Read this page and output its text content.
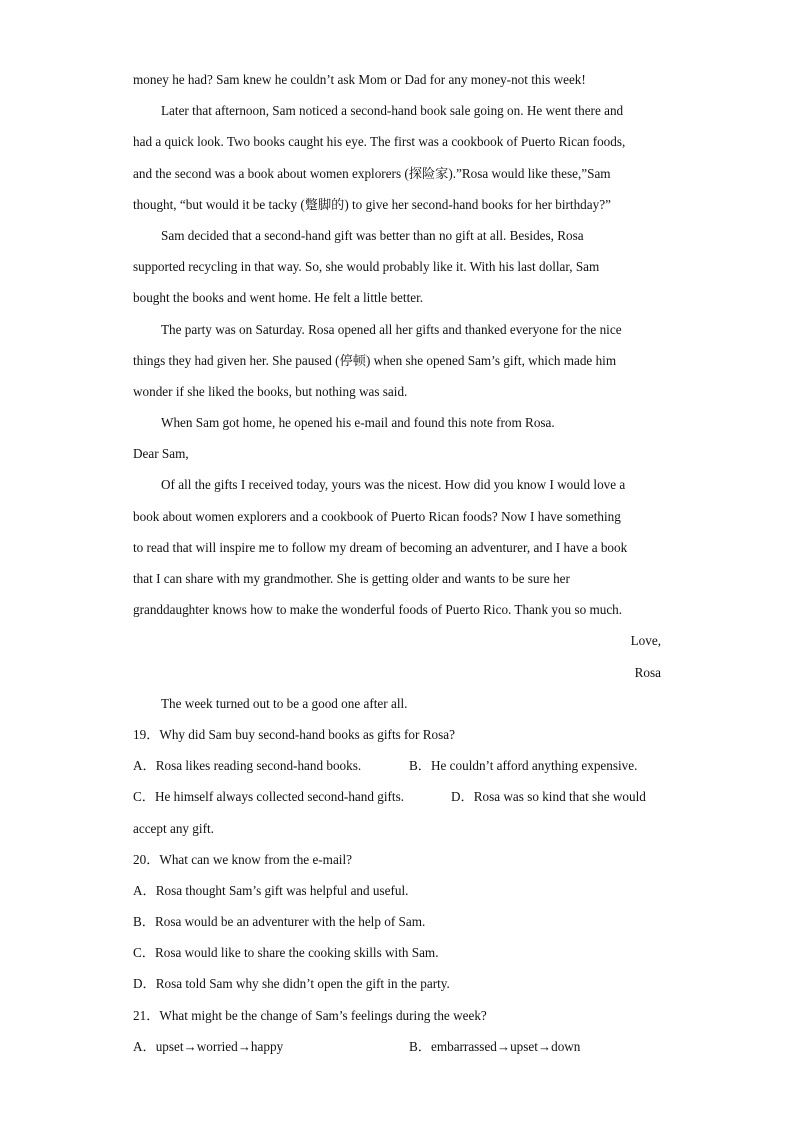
money he had? Sam knew he couldn’t ask Mom or Dad for any money-not this week!
Later that afternoon, Sam noticed a second-hand book sale going on. He went there and
had a quick look. Two books caught his eye. The first was a cookbook of Puerto Rican foods,
and the second was a book about women explorers (探险家).”Rosa would like these,”Sam
thought, “but would it be tacky (蹩脚的) to give her second-hand books for her birthday?”
Sam decided that a second-hand gift was better than no gift at all. Besides, Rosa
supported recycling in that way. So, she would probably like it. With his last dollar, Sam
bought the books and went home. He felt a little better.
The party was on Saturday. Rosa opened all her gifts and thanked everyone for the nice
things they had given her. She paused (停顿) when she opened Sam’s gift, which made him
wonder if she liked the books, but nothing was said.
When Sam got home, he opened his e-mail and found this note from Rosa.
Dear Sam,
Of all the gifts I received today, yours was the nicest. How did you know I would love a
book about women explorers and a cookbook of Puerto Rican foods? Now I have something
to read that will inspire me to follow my dream of becoming an adventurer, and I have a book
that I can share with my grandmother. She is getting older and wants to be sure her
granddaughter knows how to make the wonderful foods of Puerto Rico. Thank you so much.
Love,
Rosa
The week turned out to be a good one after all.
19．Why did Sam buy second-hand books as gifts for Rosa?
A．Rosa likes reading second-hand books.	B．He couldn’t afford anything expensive.
C．He himself always collected second-hand gifts.	D．Rosa was so kind that she would
accept any gift.
20．What can we know from the e-mail?
A．Rosa thought Sam’s gift was helpful and useful.
B．Rosa would be an adventurer with the help of Sam.
C．Rosa would like to share the cooking skills with Sam.
D．Rosa told Sam why she didn’t open the gift in the party.
21．What might be the change of Sam’s feelings during the week?
A．upset→worried→happy	B．embarrassed→upset→down
